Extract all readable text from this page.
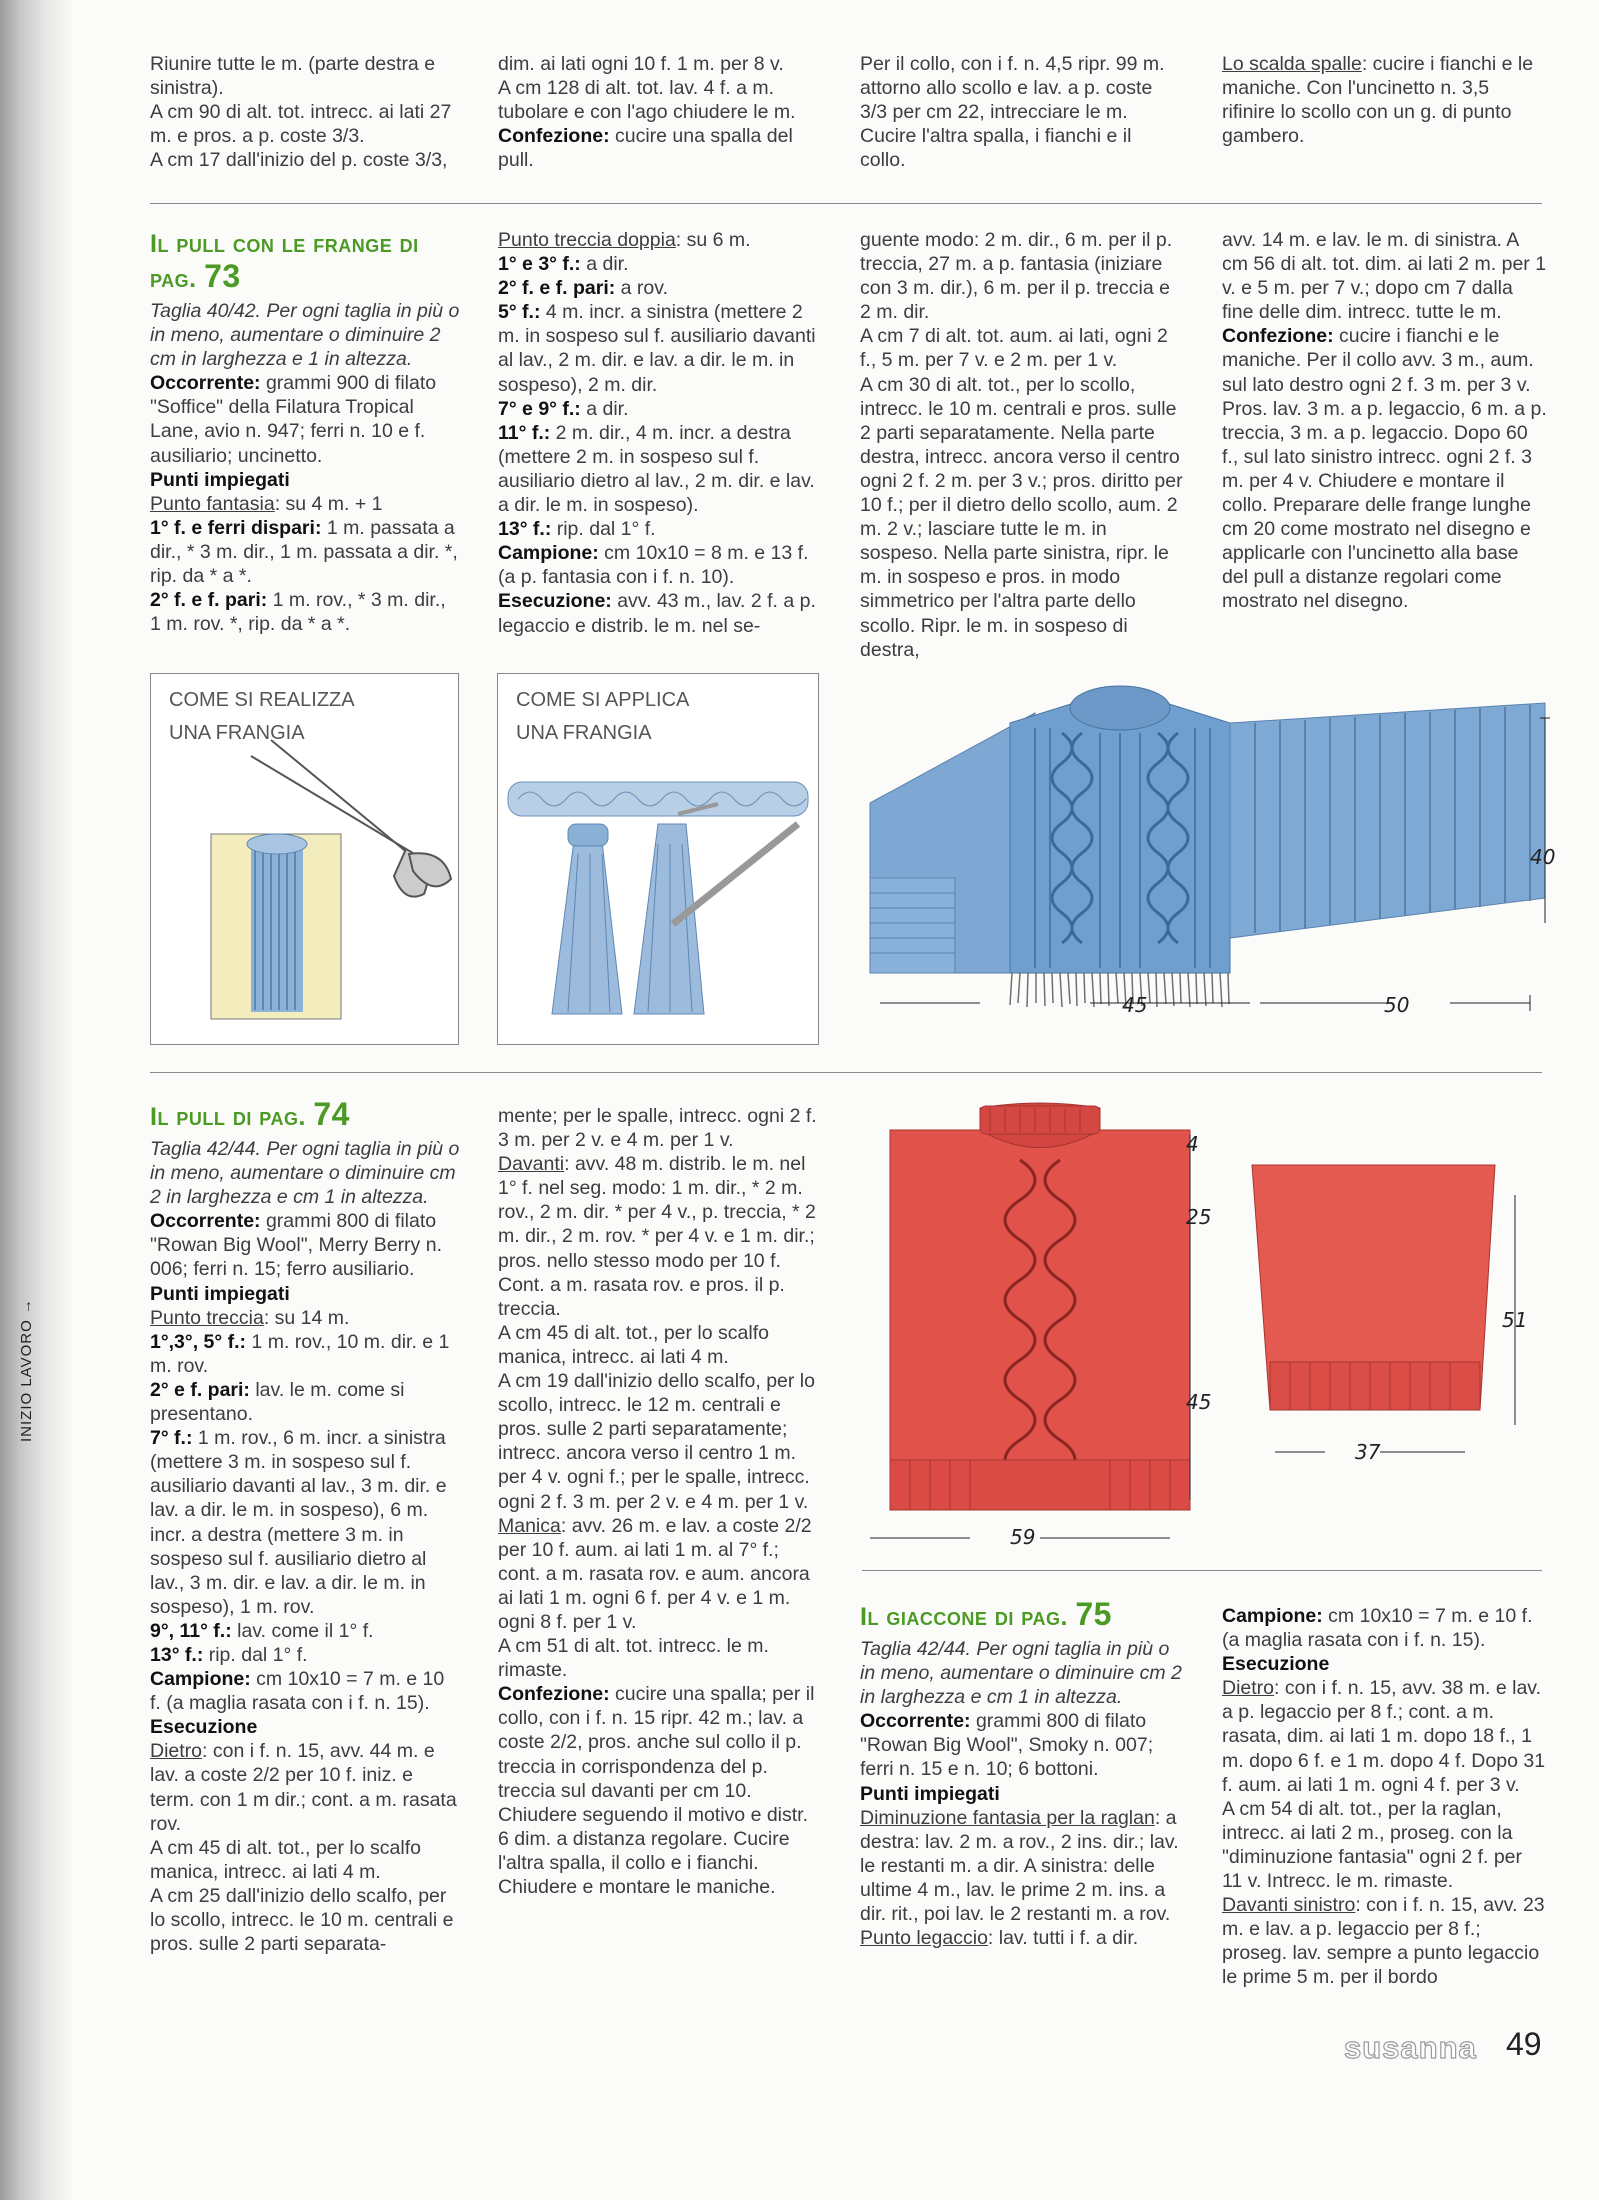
INIZIO LAVORO →

Riunire tutte le m. (parte destra e sinistra).

A cm 90 di alt. tot. intrecc. ai lati 27 m. e pros. a p. coste 3/3.

A cm 17 dall'inizio del p. coste 3/3,

dim. ai lati ogni 10 f. 1 m. per 8 v.

A cm 128 di alt. tot. lav. 4 f. a m. tubolare e con l'ago chiudere le m.

Confezione: cucire una spalla del pull.

Per il collo, con i f. n. 4,5 ripr. 99 m. attorno allo scollo e lav. a p. coste 3/3 per cm 22, intrecciare le m. Cucire l'altra spalla, i fianchi e il collo.

Lo scalda spalle: cucire i fianchi e le maniche. Con l'uncinetto n. 3,5 rifinire lo scollo con un g. di punto gambero.

Il pull con le frange di pag. 73

Taglia 40/42. Per ogni taglia in più o in meno, aumentare o diminuire 2 cm in larghezza e 1 in altezza.

Occorrente: grammi 900 di filato "Soffice" della Filatura Tropical Lane, avio n. 947; ferri n. 10 e f. ausiliario; uncinetto.

Punti impiegati

Punto fantasia: su 4 m. + 1

1° f. e ferri dispari: 1 m. passata a dir., * 3 m. dir., 1 m. passata a dir. *, rip. da * a *.

2° f. e f. pari: 1 m. rov., * 3 m. dir., 1 m. rov. *, rip. da * a *.

Punto treccia doppia: su 6 m.

1° e 3° f.: a dir.

2° f. e f. pari: a rov.

5° f.: 4 m. incr. a sinistra (mettere 2 m. in sospeso sul f. ausiliario davanti al lav., 2 m. dir. e lav. a dir. le m. in sospeso), 2 m. dir.

7° e 9° f.: a dir.

11° f.: 2 m. dir., 4 m. incr. a destra (mettere 2 m. in sospeso sul f. ausiliario dietro al lav., 2 m. dir. e lav. a dir. le m. in sospeso).

13° f.: rip. dal 1° f.

Campione: cm 10x10 = 8 m. e 13 f. (a p. fantasia con i f. n. 10).

Esecuzione: avv. 43 m., lav. 2 f. a p. legaccio e distrib. le m. nel se-

guente modo: 2 m. dir., 6 m. per il p. treccia, 27 m. a p. fantasia (iniziare con 3 m. dir.), 6 m. per il p. treccia e 2 m. dir.

A cm 7 di alt. tot. aum. ai lati, ogni 2 f., 5 m. per 7 v. e 2 m. per 1 v.

A cm 30 di alt. tot., per lo scollo, intrecc. le 10 m. centrali e pros. sulle 2 parti separatamente. Nella parte destra, intrecc. ancora verso il centro ogni 2 f. 2 m. per 3 v.; pros. diritto per 10 f.; per il dietro dello scollo, aum. 2 m. 2 v.; lasciare tutte le m. in sospeso. Nella parte sinistra, ripr. le m. in sospeso e pros. in modo simmetrico per l'altra parte dello scollo. Ripr. le m. in sospeso di destra,

avv. 14 m. e lav. le m. di sinistra. A cm 56 di alt. tot. dim. ai lati 2 m. per 1 v. e 5 m. per 7 v.; dopo cm 7 dalla fine delle dim. intrecc. tutte le m.

Confezione: cucire i fianchi e le maniche. Per il collo avv. 3 m., aum. sul lato destro ogni 2 f. 3 m. per 3 v. Pros. lav. 3 m. a p. legaccio, 6 m. a p. treccia, 3 m. a p. legaccio. Dopo 60 f., sul lato sinistro intrecc. ogni 2 f. 3 m. per 4 v. Chiudere e montare il collo. Preparare delle frange lunghe cm 20 come mostrato nel disegno e applicarle con l'uncinetto alla base del pull a distanze regolari come mostrato nel disegno.

COME SI REALIZZA
UNA FRANGIA
COME SI APPLICA
UNA FRANGIA
40
45	50
Il pull di pag. 74

Taglia 42/44. Per ogni taglia in più o in meno, aumentare o diminuire cm 2 in larghezza e cm 1 in altezza.

Occorrente: grammi 800 di filato "Rowan Big Wool", Merry Berry n. 006; ferri n. 15; ferro ausiliario.

Punti impiegati

Punto treccia: su 14 m.

1°,3°, 5° f.: 1 m. rov., 10 m. dir. e 1 m. rov.

2° e f. pari: lav. le m. come si presentano.

7° f.: 1 m. rov., 6 m. incr. a sinistra (mettere 3 m. in sospeso sul f. ausiliario davanti al lav., 3 m. dir. e lav. a dir. le m. in sospeso), 6 m. incr. a destra (mettere 3 m. in sospeso sul f. ausiliario dietro al lav., 3 m. dir. e lav. a dir. le m. in sospeso), 1 m. rov.

9°, 11° f.: lav. come il 1° f.

13° f.: rip. dal 1° f.

Campione: cm 10x10 = 7 m. e 10 f. (a maglia rasata con i f. n. 15).

Esecuzione

Dietro: con i f. n. 15, avv. 44 m. e lav. a coste 2/2 per 10 f. iniz. e term. con 1 m dir.; cont. a m. rasata rov.

A cm 45 di alt. tot., per lo scalfo manica, intrecc. ai lati 4 m.

A cm 25 dall'inizio dello scalfo, per lo scollo, intrecc. le 10 m. centrali e pros. sulle 2 parti separata-

mente; per le spalle, intrecc. ogni 2 f. 3 m. per 2 v. e 4 m. per 1 v.

Davanti: avv. 48 m. distrib. le m. nel 1° f. nel seg. modo: 1 m. dir., * 2 m. rov., 2 m. dir. * per 4 v., p. treccia, * 2 m. dir., 2 m. rov. * per 4 v. e 1 m. dir.; pros. nello stesso modo per 10 f. Cont. a m. rasata rov. e pros. il p. treccia.

A cm 45 di alt. tot., per lo scalfo manica, intrecc. ai lati 4 m.

A cm 19 dall'inizio dello scalfo, per lo scollo, intrecc. le 12 m. centrali e pros. sulle 2 parti separatamente; intrecc. ancora verso il centro 1 m. per 4 v. ogni f.; per le spalle, intrecc. ogni 2 f. 3 m. per 2 v. e 4 m. per 1 v.

Manica: avv. 26 m. e lav. a coste 2/2 per 10 f. aum. ai lati 1 m. al 7° f.; cont. a m. rasata rov. e aum. ancora ai lati 1 m. ogni 6 f. per 4 v. e 1 m. ogni 8 f. per 1 v.

A cm 51 di alt. tot. intrecc. le m. rimaste.

Confezione: cucire una spalla; per il collo, con i f. n. 15 ripr. 42 m.; lav. a coste 2/2, pros. anche sul collo il p. treccia in corrispondenza del p. treccia sul davanti per cm 10. Chiudere seguendo il motivo e distr. 6 dim. a distanza regolare. Cucire l'altra spalla, il collo e i fianchi. Chiudere e montare le maniche.

4
25
45
59
51
37
Il giaccone di pag. 75

Taglia 42/44. Per ogni taglia in più o in meno, aumentare o diminuire cm 2 in larghezza e cm 1 in altezza.

Occorrente: grammi 800 di filato "Rowan Big Wool", Smoky n. 007; ferri n. 15 e n. 10; 6 bottoni.

Punti impiegati

Diminuzione fantasia per la raglan: a destra: lav. 2 m. a rov., 2 ins. dir.; lav. le restanti m. a dir. A sinistra: delle ultime 4 m., lav. le prime 2 m. ins. a dir. rit., poi lav. le 2 restanti m. a rov.

Punto legaccio: lav. tutti i f. a dir.

Campione: cm 10x10 = 7 m. e 10 f. (a maglia rasata con i f. n. 15).

Esecuzione

Dietro: con i f. n. 15, avv. 38 m. e lav. a p. legaccio per 8 f.; cont. a m. rasata, dim. ai lati 1 m. dopo 18 f., 1 m. dopo 6 f. e 1 m. dopo 4 f. Dopo 31 f. aum. ai lati 1 m. ogni 4 f. per 3 v.

A cm 54 di alt. tot., per la raglan, intrecc. ai lati 2 m., proseg. con la "diminuzione fantasia" ogni 2 f. per 11 v. Intrecc. le m. rimaste.

Davanti sinistro: con i f. n. 15, avv. 23 m. e lav. a p. legaccio per 8 f.; proseg. lav. sempre a punto legaccio le prime 5 m. per il bordo

susanna 49
